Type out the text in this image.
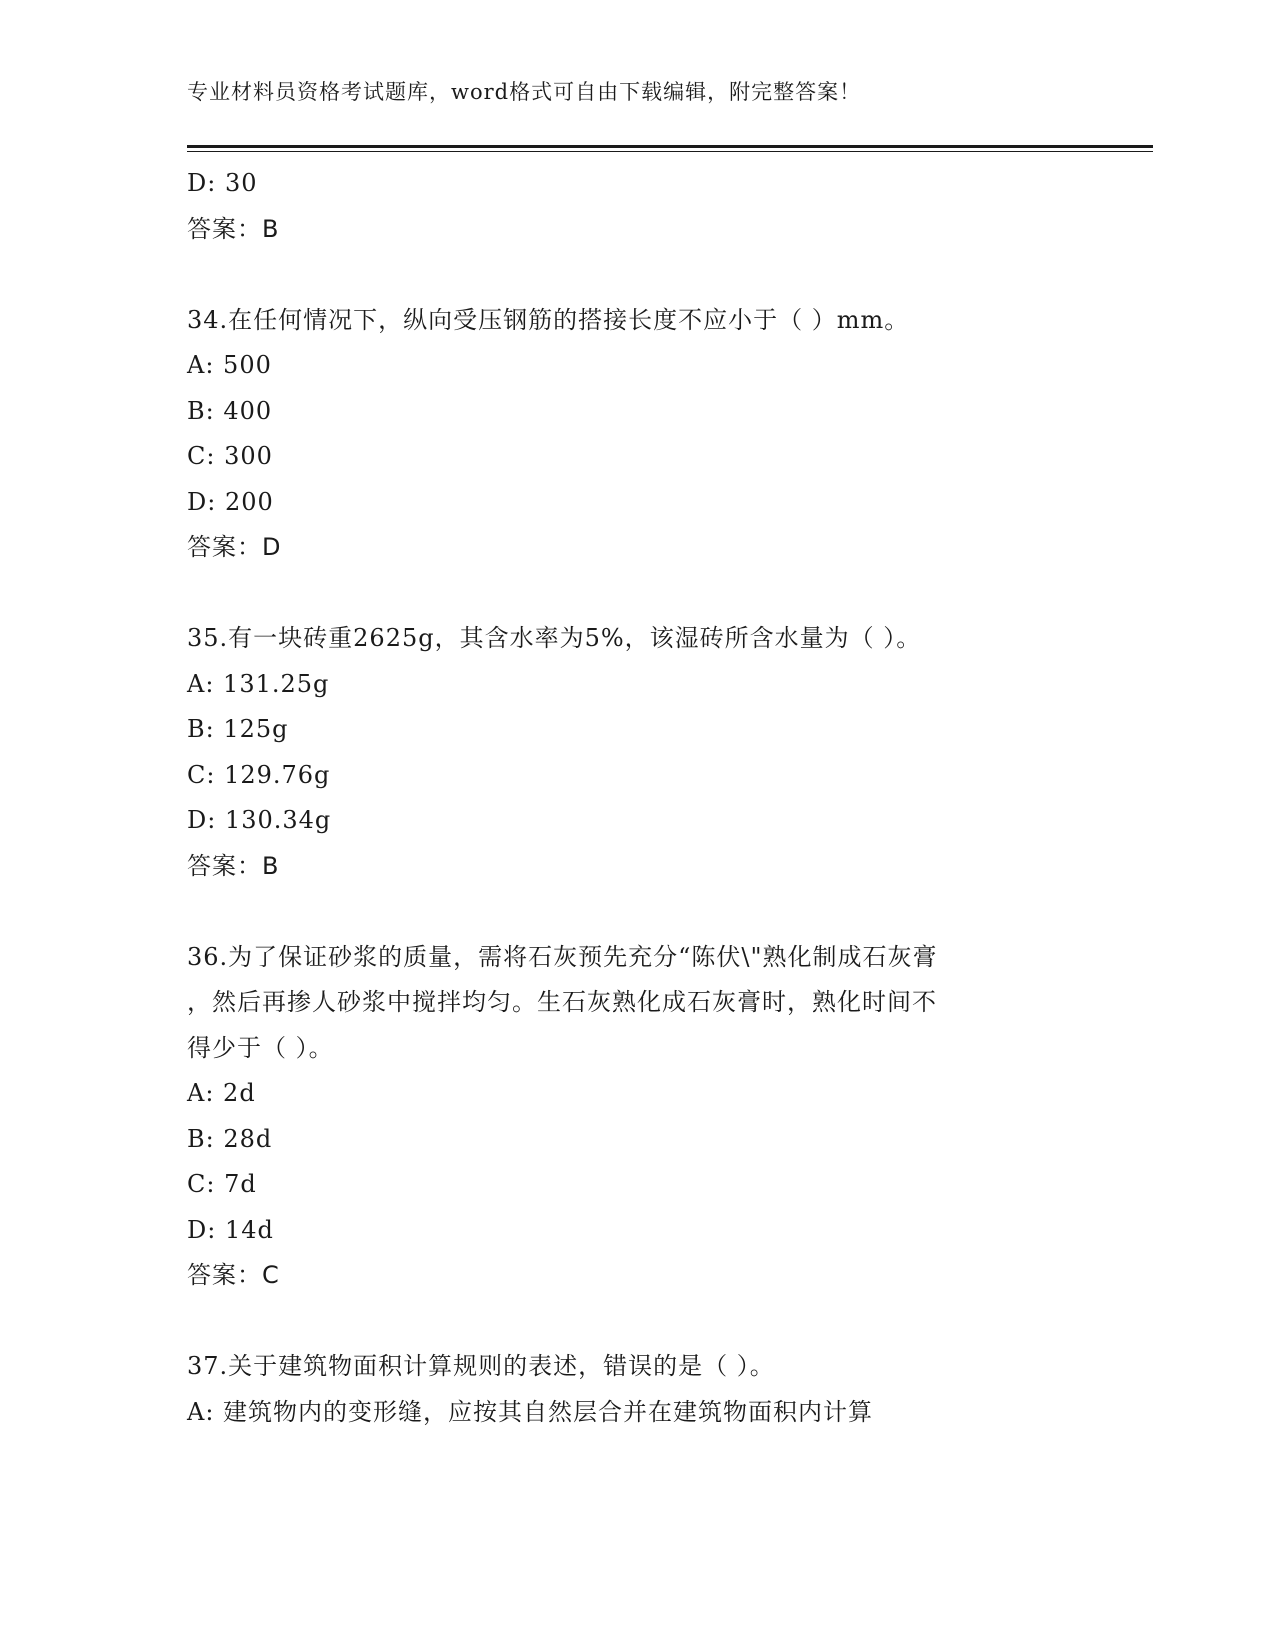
专业材料员资格考试题库，word格式可自由下载编辑，附完整答案！
D: 30
答案：B
34.在任何情况下，纵向受压钢筋的搭接长度不应小于（ ）mm。
A: 500
B: 400
C: 300
D: 200
答案：D
35.有一块砖重2625g，其含水率为5%，该湿砖所含水量为（ ）。
A: 131.25g
B: 125g
C: 129.76g
D: 130.34g
答案：B
36.为了保证砂浆的质量，需将石灰预先充分“陈伏\"熟化制成石灰膏
，然后再掺人砂浆中搅拌均匀。生石灰熟化成石灰膏时，熟化时间不
得少于（ ）。
A: 2d
B: 28d
C: 7d
D: 14d
答案：C
37.关于建筑物面积计算规则的表述，错误的是（ ）。
A: 建筑物内的变形缝，应按其自然层合并在建筑物面积内计算
